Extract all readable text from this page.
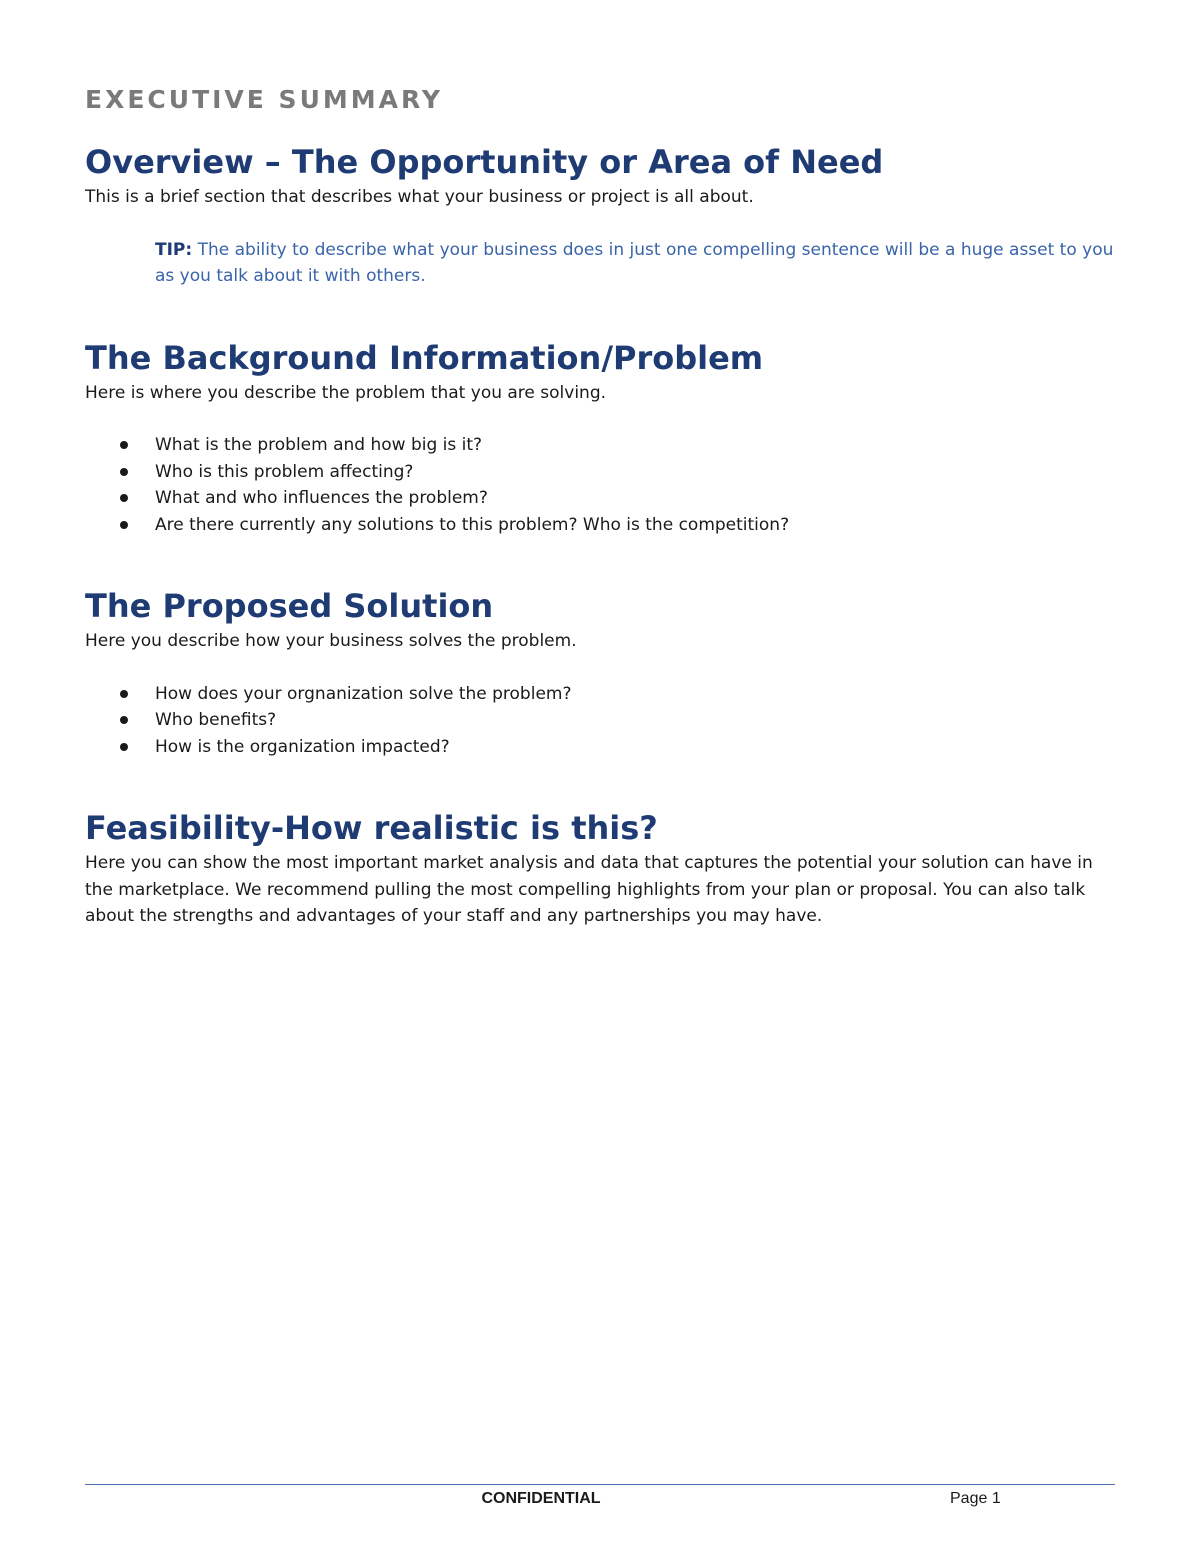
EXECUTIVE SUMMARY
Overview – The Opportunity or Area of Need

This is a brief section that describes what your business or project is all about.

TIP: The ability to describe what your business does in just one compelling sentence will be a huge asset to you as you talk about it with others.

The Background Information/Problem

Here is where you describe the problem that you are solving.

What is the problem and how big is it?
Who is this problem affecting?
What and who influences the problem?
Are there currently any solutions to this problem? Who is the competition?
The Proposed Solution

Here you describe how your business solves the problem.

How does your orgnanization solve the problem?
Who benefits?
How is the organization impacted?
Feasibility-How realistic is this?

Here you can show the most important market analysis and data that captures the potential your solution can have in the marketplace. We recommend pulling the most compelling highlights from your plan or proposal. You can also talk about the strengths and advantages of your staff and any partnerships you may have.

CONFIDENTIAL	Page 1
